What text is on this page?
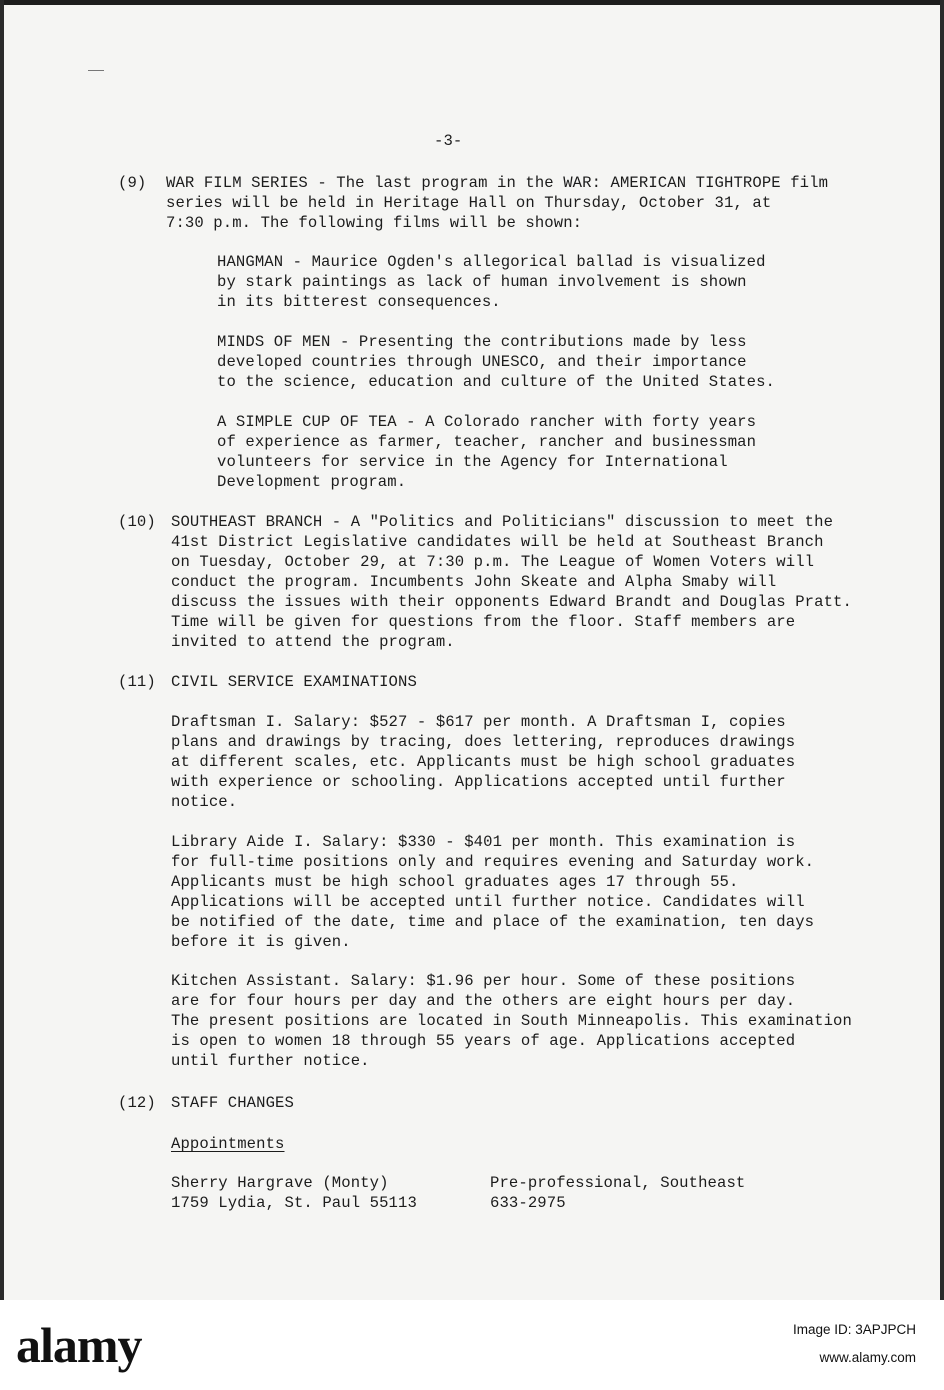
-3-

(9) WAR FILM SERIES - The last program in the WAR: AMERICAN TIGHTROPE film

series will be held in Heritage Hall on Thursday, October 31, at

7:30 p.m. The following films will be shown:

HANGMAN - Maurice Ogden's allegorical ballad is visualized

by stark paintings as lack of human involvement is shown

in its bitterest consequences.

MINDS OF MEN - Presenting the contributions made by less

developed countries through UNESCO, and their importance

to the science, education and culture of the United States.

A SIMPLE CUP OF TEA - A Colorado rancher with forty years

of experience as farmer, teacher, rancher and businessman

volunteers for service in the Agency for International

Development program.

(10) SOUTHEAST BRANCH - A "Politics and Politicians" discussion to meet the

41st District Legislative candidates will be held at Southeast Branch

on Tuesday, October 29, at 7:30 p.m. The League of Women Voters will

conduct the program. Incumbents John Skeate and Alpha Smaby will

discuss the issues with their opponents Edward Brandt and Douglas Pratt.

Time will be given for questions from the floor. Staff members are

invited to attend the program.

(11) CIVIL SERVICE EXAMINATIONS

Draftsman I. Salary: $527 - $617 per month. A Draftsman I, copies

plans and drawings by tracing, does lettering, reproduces drawings

at different scales, etc. Applicants must be high school graduates

with experience or schooling. Applications accepted until further

notice.

Library Aide I. Salary: $330 - $401 per month. This examination is

for full-time positions only and requires evening and Saturday work.

Applicants must be high school graduates ages 17 through 55.

Applications will be accepted until further notice. Candidates will

be notified of the date, time and place of the examination, ten days

before it is given.

Kitchen Assistant. Salary: $1.96 per hour. Some of these positions

are for four hours per day and the others are eight hours per day.

The present positions are located in South Minneapolis. This examination

is open to women 18 through 55 years of age. Applications accepted

until further notice.

(12) STAFF CHANGES

Appointments

Sherry Hargrave (Monty)

1759 Lydia, St. Paul 55113

Pre-professional, Southeast

633-2975

alamy	Image ID: 3APJPCH
www.alamy.com
